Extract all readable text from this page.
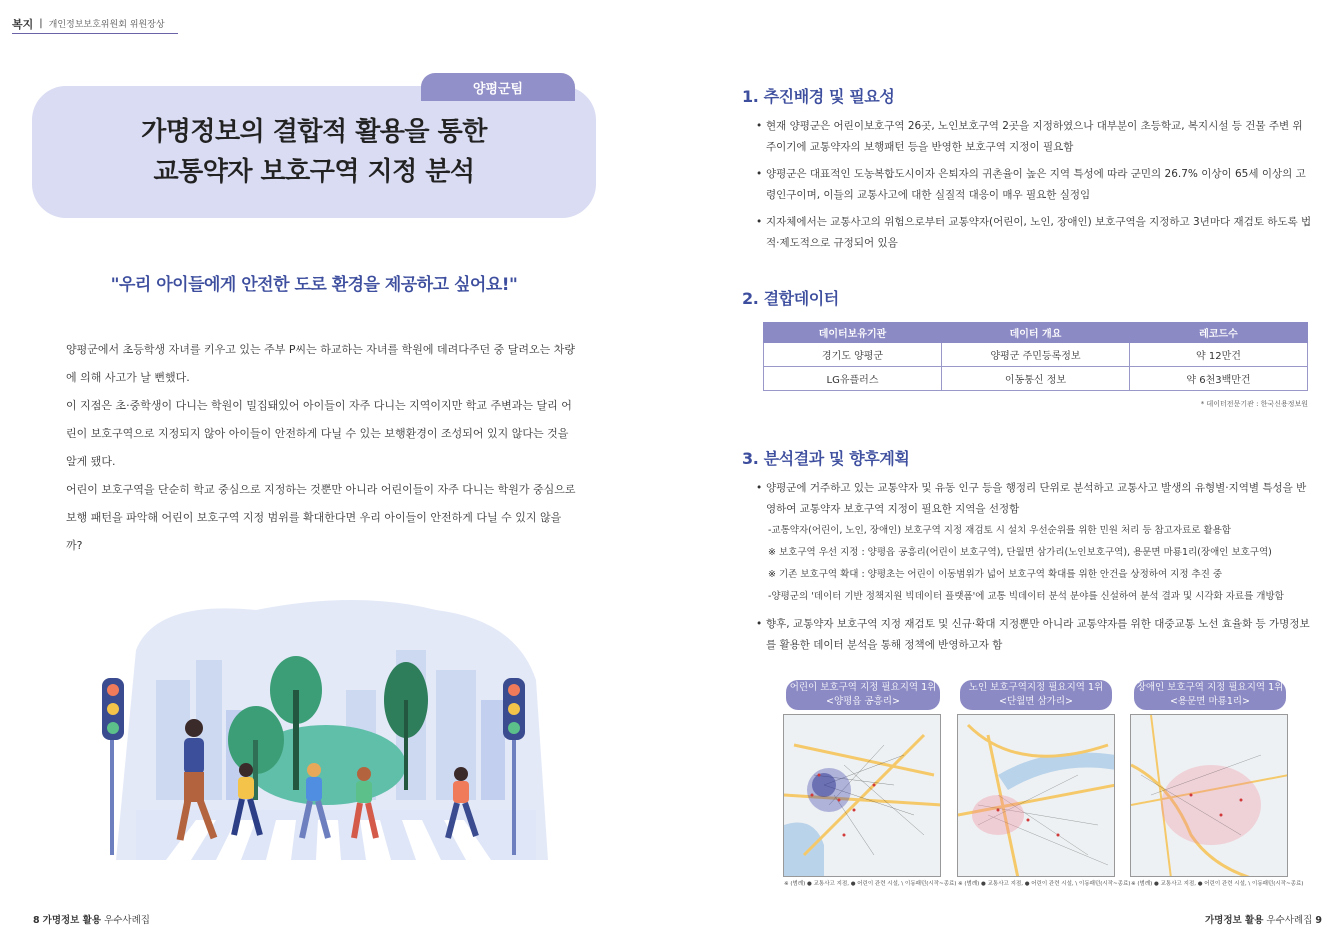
복지 | 개인정보보호위원회 위원장상
가명정보의 결합적 활용을 통한
교통약자 보호구역 지정 분석
양평군팀
"우리 아이들에게 안전한 도로 환경을 제공하고 싶어요!"

양평군에서 초등학생 자녀를 키우고 있는 주부 P씨는 하교하는 자녀를 학원에 데려다주던 중 달려오는 차량에 의해 사고가 날 뻔했다.

이 지점은 초·중학생이 다니는 학원이 밀집돼있어 아이들이 자주 다니는 지역이지만 학교 주변과는 달리 어린이 보호구역으로 지정되지 않아 아이들이 안전하게 다닐 수 있는 보행환경이 조성되어 있지 않다는 것을 알게 됐다.

어린이 보호구역을 단순히 학교 중심으로 지정하는 것뿐만 아니라 어린이들이 자주 다니는 학원가 중심으로 보행 패턴을 파악해 어린이 보호구역 지정 범위를 확대한다면 우리 아이들이 안전하게 다닐 수 있지 않을까?

1. 추진배경 및 필요성
• 현재 양평군은 어린이보호구역 26곳, 노인보호구역 2곳을 지정하였으나 대부분이 초등학교, 복지시설 등 건물 주변 위주이기에 교통약자의 보행패턴 등을 반영한 보호구역 지정이 필요함
• 양평군은 대표적인 도농복합도시이자 은퇴자의 귀촌율이 높은 지역 특성에 따라 군민의 26.7% 이상이 65세 이상의 고령인구이며, 이들의 교통사고에 대한 실질적 대응이 매우 필요한 실정임
• 지자체에서는 교통사고의 위험으로부터 교통약자(어린이, 노인, 장애인) 보호구역을 지정하고 3년마다 재검토 하도록 법적·제도적으로 규정되어 있음
2. 결합데이터
데이터보유기관	데이터 개요	레코드수
경기도 양평군	양평군 주민등록정보	약 12만건
LG유플러스	이동통신 정보	약 6천3백만건
* 데이터전문기관 : 한국신용정보원
3. 분석결과 및 향후계획
• 양평군에 거주하고 있는 교통약자 및 유동 인구 등을 행정리 단위로 분석하고 교통사고 발생의 유형별·지역별 특성을 반영하여 교통약자 보호구역 지정이 필요한 지역을 선정함
-교통약자(어린이, 노인, 장애인) 보호구역 지정 재검토 시 설치 우선순위를 위한 민원 처리 등 참고자료로 활용함
※ 보호구역 우선 지정 : 양평읍 공흥리(어린이 보호구역), 단월면 삼가리(노인보호구역), 용문면 마룡1리(장애인 보호구역)
※ 기존 보호구역 확대 : 양평초는 어린이 이동범위가 넓어 보호구역 확대를 위한 안건을 상정하여 지정 추진 중
-양평군의 '데이터 기반 정책지원 빅데이터 플랫폼'에 교통 빅데이터 분석 분야를 신설하여 분석 결과 및 시각화 자료를 개방함
• 향후, 교통약자 보호구역 지정 재검토 및 신규·확대 지정뿐만 아니라 교통약자를 위한 대중교통 노선 효율화 등 가명정보를 활용한 데이터 분석을 통해 정책에 반영하고자 함
어린이 보호구역 지정 필요지역 1위
<양평읍 공흥리>
노인 보호구역지정 필요지역 1위
<단월면 삼가리>
장애인 보호구역 지정 필요지역 1위
<용문면 마룡1리>
※ (범례) ● 교통사고 지점, ● 어린이 관련 시설, \ 이동패턴(시작~종료) ※ (범례) ● 교통사고 지점, ● 어린이 관련 시설, \ 이동패턴(시작~종료) ※ (범례) ● 교통사고 지점, ● 어린이 관련 시설, \ 이동패턴(시작~종료)
8 가명정보 활용 우수사례집	가명정보 활용 우수사례집 9
